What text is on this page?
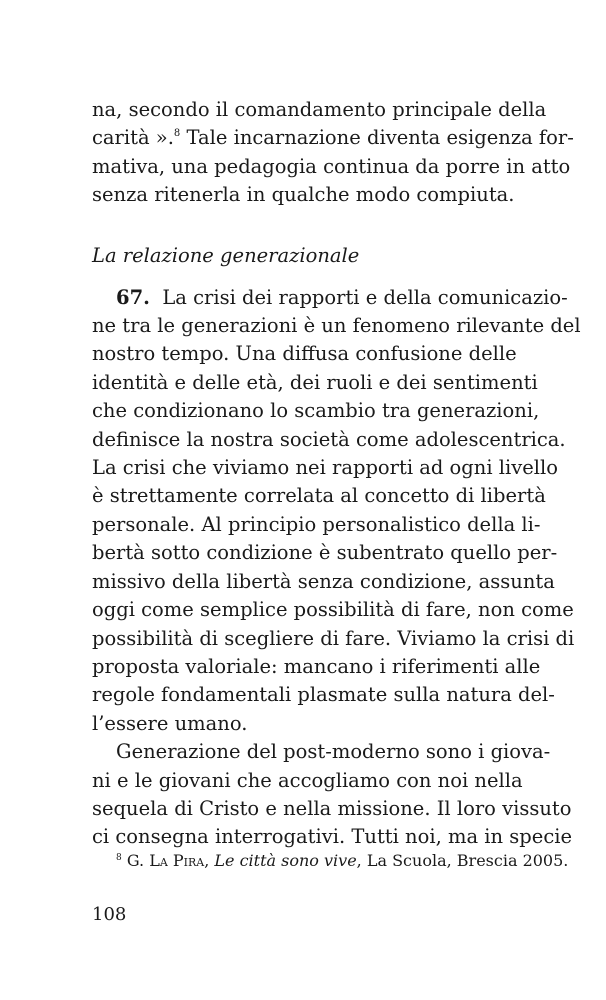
na, secondo il comandamento principale della
carità ».$^8$ Tale incarnazione diventa esigenza for-
mativa, una pedagogia continua da porre in atto
senza ritenerla in qualche modo compiuta.
La relazione generazionale
67. La crisi dei rapporti e della comunicazio-
ne tra le generazioni è un fenomeno rilevante del
nostro tempo. Una diffusa confusione delle
identità e delle età, dei ruoli e dei sentimenti
che condizionano lo scambio tra generazioni,
definisce la nostra società come adolescentrica.
La crisi che viviamo nei rapporti ad ogni livello
è strettamente correlata al concetto di libertà
personale. Al principio personalistico della li-
bertà sotto condizione è subentrato quello per-
missivo della libertà senza condizione, assunta
oggi come semplice possibilità di fare, non come
possibilità di scegliere di fare. Viviamo la crisi di
proposta valoriale: mancano i riferimenti alle
regole fondamentali plasmate sulla natura del-
l’essere umano.
Generazione del post-moderno sono i giova-
ni e le giovani che accogliamo con noi nella
sequela di Cristo e nella missione. Il loro vissuto
ci consegna interrogativi. Tutti noi, ma in specie
$^8$ G. La Pira, Le città sono vive, La Scuola, Brescia 2005.
108
